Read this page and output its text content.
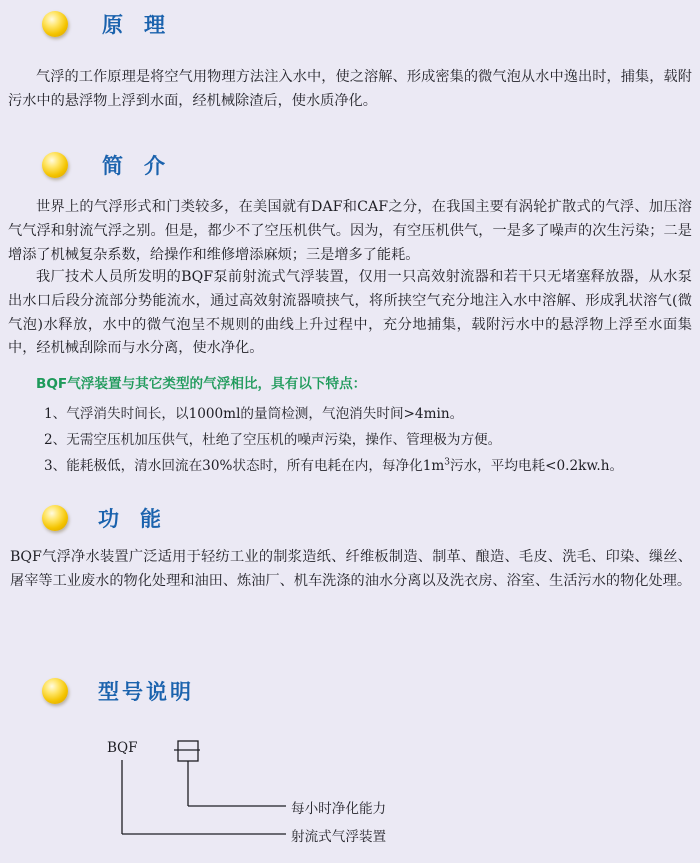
原　理

气浮的工作原理是将空气用物理方法注入水中，使之溶解、形成密集的微气泡从水中逸出时，捕集，载附污水中的悬浮物上浮到水面，经机械除渣后，使水质净化。

简　介

世界上的气浮形式和门类较多，在美国就有DAF和CAF之分，在我国主要有涡轮扩散式的气浮、加压溶气气浮和射流气浮之别。但是，都少不了空压机供气。因为，有空压机供气，一是多了噪声的次生污染；二是增添了机械复杂系数，给操作和维修增添麻烦；三是增多了能耗。

我厂技术人员所发明的BQF泵前射流式气浮装置，仅用一只高效射流器和若干只无堵塞释放器，从水泵出水口后段分流部分势能流水，通过高效射流器喷挟气，将所挟空气充分地注入水中溶解、形成乳状溶气(微气泡)水释放，水中的微气泡呈不规则的曲线上升过程中，充分地捕集，载附污水中的悬浮物上浮至水面集中，经机械刮除而与水分离，使水净化。

BQF气浮装置与其它类型的气浮相比，具有以下特点：
1、气浮消失时间长，以1000ml的量筒检测，气泡消失时间>4min。
2、无需空压机加压供气，杜绝了空压机的噪声污染，操作、管理极为方便。
3、能耗极低，清水回流在30%状态时，所有电耗在内，每净化$1m^3$污水，平均电耗<0.2kw.h。
功　能

BQF气浮净水装置广泛适用于轻纺工业的制浆造纸、纤维板制造、制革、酿造、毛皮、洗毛、印染、缫丝、屠宰等工业废水的物化处理和油田、炼油厂、机车洗涤的油水分离以及洗衣房、浴室、生活污水的物化处理。

型号说明
BQF
每小时净化能力
射流式气浮装置
